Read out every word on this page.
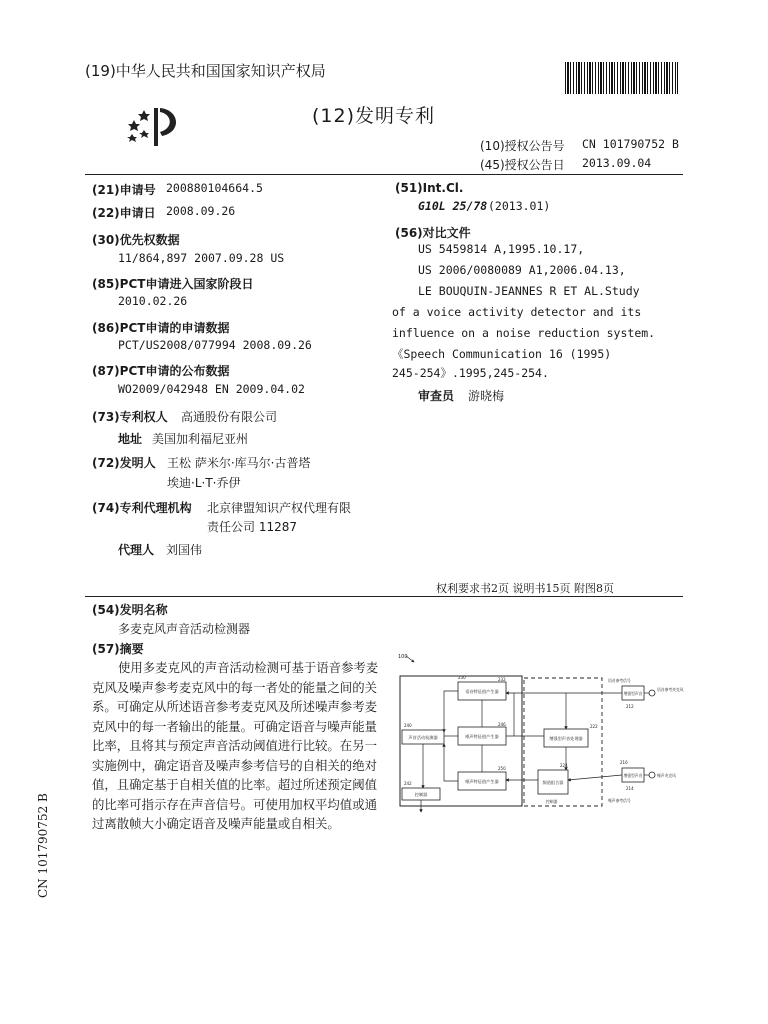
(19)中华人民共和国国家知识产权局
(12)发明专利
(10)授权公告号 CN 101790752 B
(45)授权公告日 2013.09.04
(21)申请号 200880104664.5
(22)申请日 2008.09.26
(30)优先权数据
11/864,897 2007.09.28 US
(85)PCT申请进入国家阶段日
2010.02.26
(86)PCT申请的申请数据
PCT/US2008/077994 2008.09.26
(87)PCT申请的公布数据
WO2009/042948 EN 2009.04.02
(73)专利权人 高通股份有限公司
地址 美国加利福尼亚州
(72)发明人 王松 萨米尔·库马尔·古普塔
埃迪·L·T·乔伊
(74)专利代理机构 北京律盟知识产权代理有限
责任公司 11287
代理人 刘国伟
(51)Int.Cl.
G10L 25/78 (2013.01)
(56)对比文件
US 5459814 A,1995.10.17,
US 2006/0080089 A1,2006.04.13,
LE BOUQUIN-JEANNES R ET AL.Study
of a voice activity detector and its
influence on a noise reduction system.
《Speech Communication 16 (1995)
245-254》.1995,245-254.
审查员 游晓梅
权利要求书2页 说明书15页 附图8页
(54)发明名称
多麦克风声音活动检测器
(57)摘要
使用多麦克风的声音活动检测可基于语音参考麦克风及噪声参考麦克风中的每一者处的能量之间的关系。可确定从所述语音参考麦克风及所述噪声参考麦克风中的每一者输出的能量。可确定语音与噪声能量比率，且将其与预定声音活动阈值进行比较。在另一实施例中，确定语音及噪声参考信号的自相关的绝对值，且确定基于自相关值的比率。超过所述预定阈值的比率可指示存在声音信号。可使用加权平均值或通过离散帧大小确定语音及噪声能量或自相关。
CN 101790752 B
100
语音特征值产生器
噪声特征值产生器
声音活动检测器
噪声特征值产生器
控制器
增强型声音处理器
频道组合器
增强型声音
增强型声音
230	232
246
240
250
222
224
212
214
242
216
语音参考信号
噪声参考信号
语音参考麦克风
噪声麦克风
控制器
